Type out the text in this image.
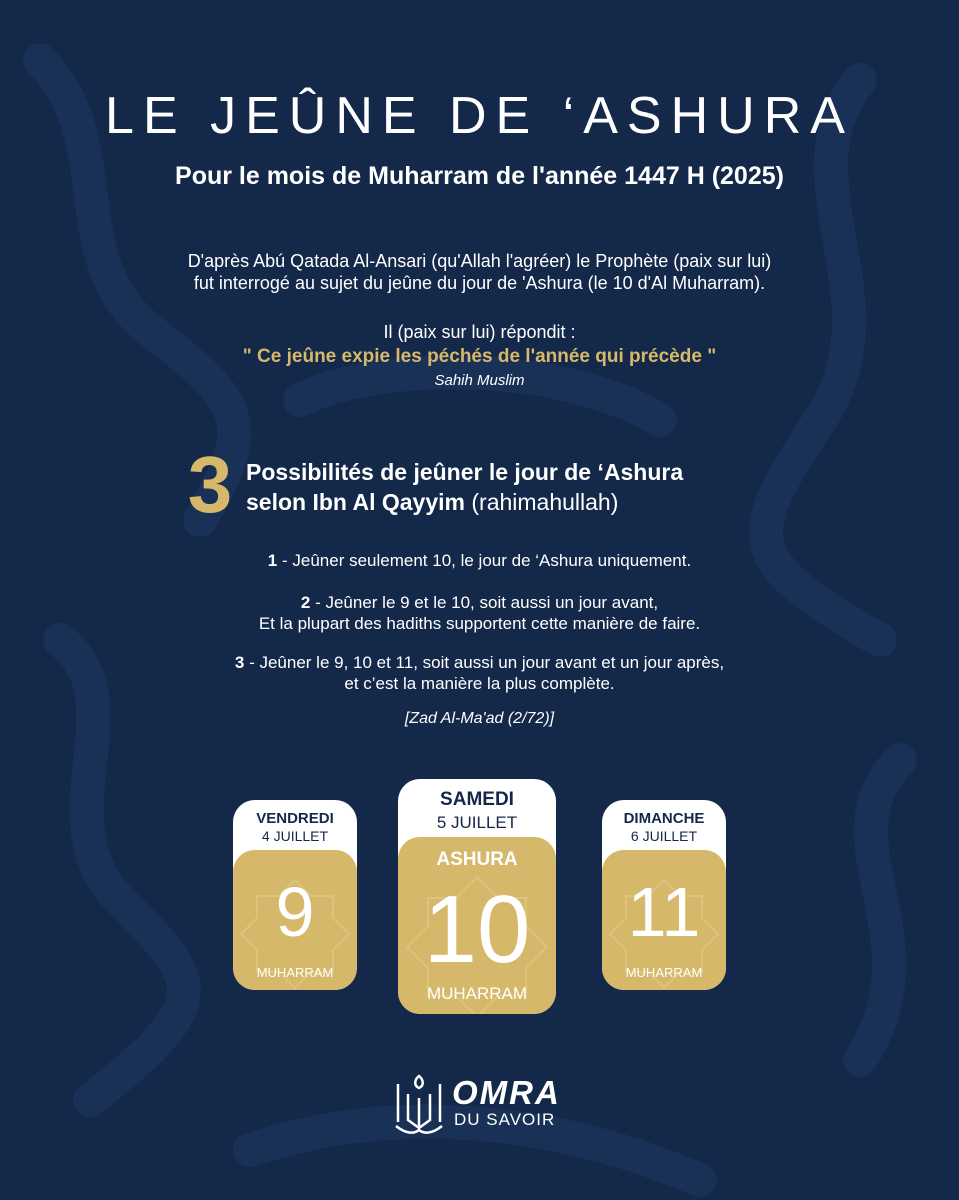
LE JEÛNE DE ‘ASHURA
Pour le mois de Muharram de l'année 1447 H (2025)
D'après Abú Qatada Al-Ansari (qu'Allah l'agréer) le Prophète (paix sur lui)
fut interrogé au sujet du jeûne du jour de 'Ashura (le 10 d'Al Muharram).
Il (paix sur lui) répondit :
" Ce jeûne expie les péchés de l'année qui précède "
Sahih Muslim
3 Possibilités de jeûner le jour de ‘Ashura
selon Ibn Al Qayyim (rahimahullah)
1 - Jeûner seulement 10, le jour de ‘Ashura uniquement.
2 - Jeûner le 9 et le 10, soit aussi un jour avant,
Et la plupart des hadiths supportent cette manière de faire.
3 - Jeûner le 9, 10 et 11, soit aussi un jour avant et un jour après,
et c’est la manière la plus complète.
[Zad Al-Ma'ad (2/72)]
VENDREDI
4 JUILLET
9
MUHARRAM
SAMEDI
5 JUILLET
ASHURA
10
MUHARRAM
DIMANCHE
6 JUILLET
11
MUHARRAM
OMRA
DU SAVOIR
